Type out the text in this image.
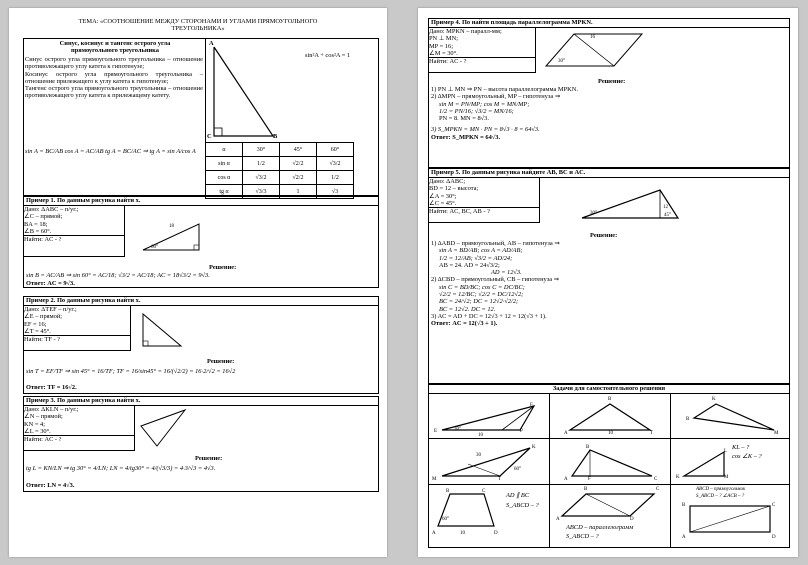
ТЕМА: «СООТНОШЕНИЕ МЕЖДУ СТОРОНАМИ И УГЛАМИ ПРЯМОУГОЛЬНОГО
ТРЕУГОЛЬНИКА»
Синус, косинус и тангенс острого угла
прямоугольного треугольника
Синус острого угла прямоугольного треугольника – отношение противолежащего углу катета к гипотенузе;
Косинус острого угла прямоугольного треугольника – отношение прилежащего к углу катета к гипотенузе;
Тангенс острого угла прямоугольного треугольника – отношение противолежащего углу катета к прилежащему катету.
sin A = BC/AB cos A = AC/AB tg A = BC/AC ⇒ tg A = sin A/cos A
A
C	B
sin²A + cos²A = 1
α	30°	45°	60°
sin α	1/2	√2/2	√3/2
cos α	√3/2	√2/2	1/2
tg α	√3/3	1	√3
Пример 1. По данным рисунка найти x.
Дано: ΔABC – п/уг.;
∠C – прямой;
BA = 18;
∠B = 60°.
Найти: AC - ?
18
60°
Решение:
sin B = AC/AB ⇒ sin 60° = AC/18; √3/2 = AC/18; AC = 18√3/2 = 9√3.
Ответ: AC = 9√3.
Пример 2. По данным рисунка найти x.
Дано: ΔTEF – п/уг.;
∠E – прямой;
EF = 16;
∠T = 45°.
Найти: TF - ?
Решение:
sin T = EF/TF ⇒ sin 45° = 16/TF; TF = 16/sin45° = 16/(√2/2) = 16·2/√2 = 16√2
Ответ: TF = 16√2.
Пример 3. По данным рисунка найти x.
Дано: ΔKLN – п/уг.;
∠N – прямой;
KN = 4;
∠L = 30°.
Найти: AC - ?
Решение:
tg L = KN/LN ⇒ tg 30° = 4/LN; LN = 4/tg30° = 4/(√3/3) = 4·3/√3 = 4√3.
Ответ: LN = 4√3.
Пример 4. По найти площадь параллелограмма MPKN.
Дано: MPKN – паралл-мм;
PN ⊥ MN;
MP = 16;
∠M = 30°.
Найти: AC - ?
16
30°
Решение:
1) PN ⊥ MN ⇒ PN – высота параллелограмма MPKN.
2) ΔMPN – прямоугольный, MP – гипотенуза ⇒
sin M = PN/MP; cos M = MN/MP;
1/2 = PN/16; √3/2 = MN/16;
PN = 8. MN = 8√3.
3) S_MPKN = MN · PN = 8√3 · 8 = 64√3.
Ответ: S_MPKN = 64√3.
Пример 5. По данным рисунка найдите AB, BC и AC.
Дано: ΔABC;
BD = 12 – высота;
∠A = 30°;
∠C = 45°.
Найти: AC, BC, AB - ?
12
30°	45°
Решение:
1) ΔABD – прямоугольный, AB – гипотенуза ⇒
sin A = BD/AB; cos A = AD/AB;
1/2 = 12/AB; √3/2 = AD/24;
AB = 24. AD = 24√3/2;
AD = 12√3.
2) ΔCBD – прямоугольный, CB – гипотенуза ⇒
sin C = BD/BC; cos C = DC/BC;
√2/2 = 12/BC; √2/2 = DC/12√2;
BC = 24/√2; DC = 12√2·√2/2;
BC = 12√2. DC = 12.
3) AC = AD + DC = 12√3 + 12 = 12(√3 + 1).
Ответ: AC = 12(√3 + 1).
Задачи для самостоятельного решения
E
F
P
30°
10
B
A	T
10
K
B
M
M
K
T
30
60°
A
B
C
F
KL – ?
cos ∠K – ?
K
L
M
AD ∥ BC
S_ABCD – ?
A
B	C
D
10
60°
ABCD – параллелограмм
S_ABCD – ?
A
B	C
D
ABCD – прямоугольник
S_ABCD – ? ∠ACB – ?
A
B	C
D
